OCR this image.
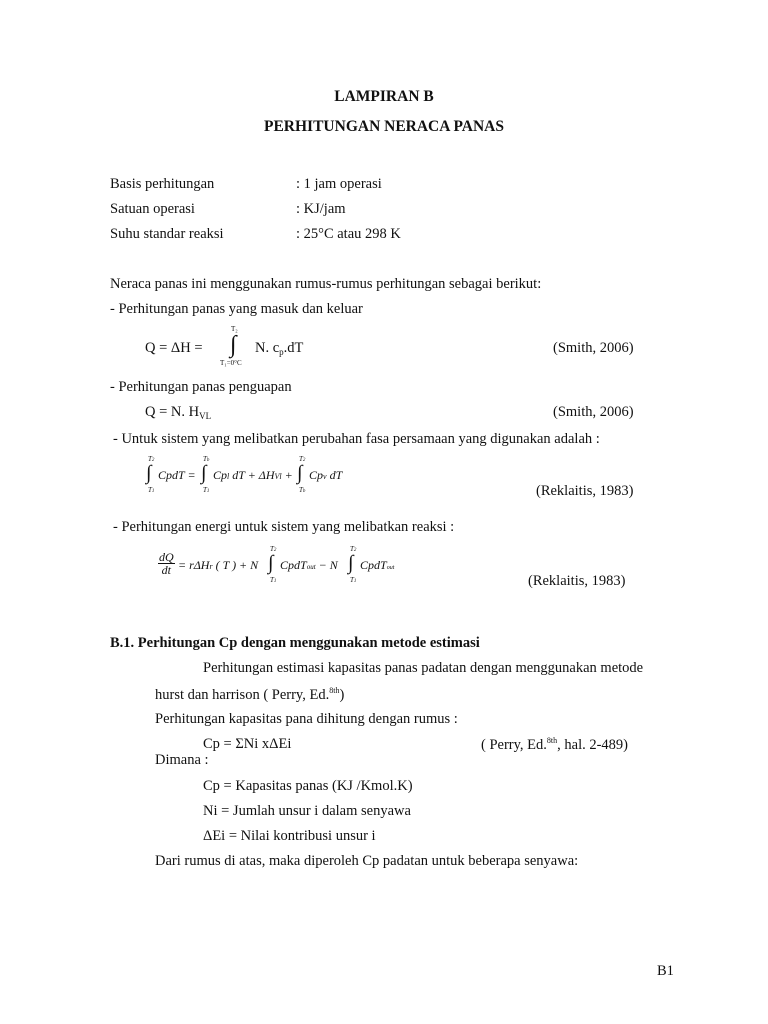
LAMPIRAN B
PERHITUNGAN NERACA PANAS
Basis perhitungan	: 1 jam operasi
Satuan operasi	: KJ/jam
Suhu standar reaksi	: 25°C atau 298 K
Neraca panas ini menggunakan rumus-rumus perhitungan sebagai berikut:
- Perhitungan panas yang masuk dan keluar
Q = ΔH =
T₂
∫
T₁=0°C
N. $c_p.dT$	(Smith, 2006)
- Perhitungan panas penguapan
Q = N. $H_{VL}$	(Smith, 2006)
- Untuk sistem yang melibatkan perubahan fasa persamaan yang digunakan adalah :
T2
∫
T1
CpdT =
Tb
∫
T1
Cpl dT + ΔHVl +
T2
∫
Tb
Cpv dT
(Reklaitis, 1983)
- Perhitungan energi untuk sistem yang melibatkan reaksi :
$\frac{dQ}{dt} = r\Delta Hr$ ( T ) + N
T2
∫
T1
CpdTout − N
T2
∫
T1
CpdTout
(Reklaitis, 1983)
B.1. Perhitungan Cp dengan menggunakan metode estimasi
Perhitungan estimasi kapasitas panas padatan dengan menggunakan metode
hurst dan harrison ( Perry, Ed.$^{8th}$)
Perhitungan kapasitas pana dihitung dengan rumus :
Cp = ΣNi xΔEi	( Perry, Ed.$^{8th}$, hal. 2-489)
Dimana :
Cp = Kapasitas panas (KJ /Kmol.K)
Ni = Jumlah unsur i dalam senyawa
ΔEi = Nilai kontribusi unsur i
Dari rumus di atas, maka diperoleh Cp padatan untuk beberapa senyawa:
B1
